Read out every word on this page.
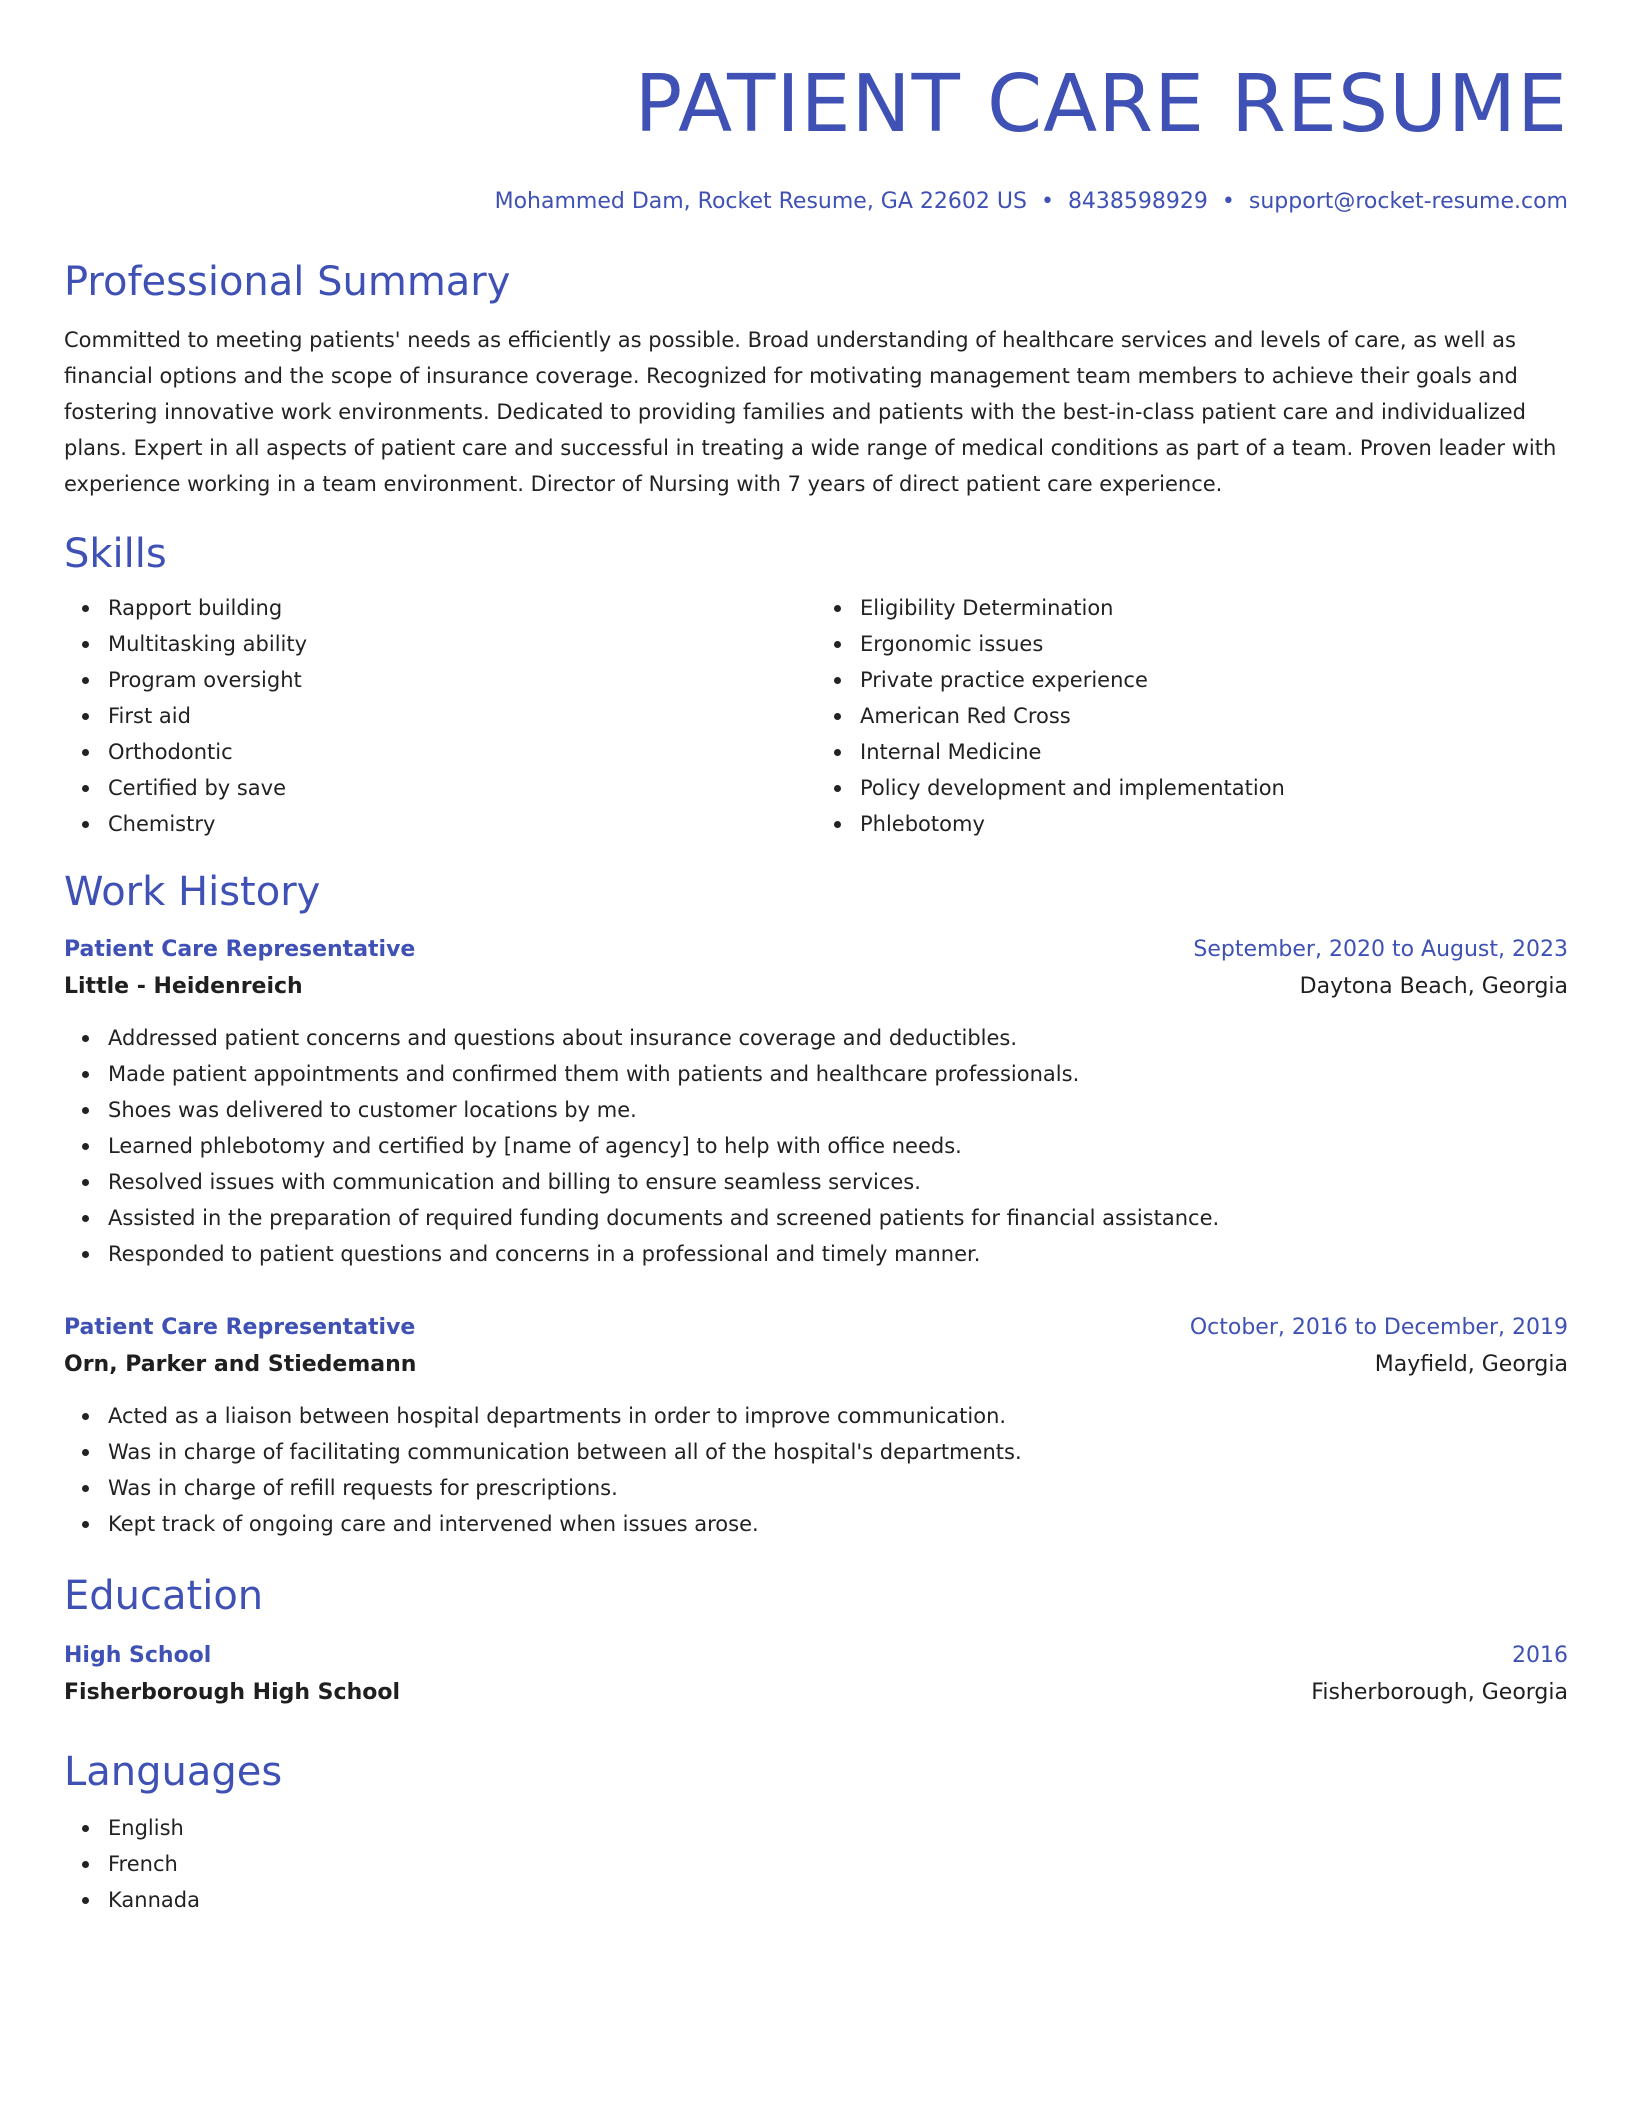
PATIENT CARE RESUME
Mohammed Dam, Rocket Resume, GA 22602 US • 8438598929 • support@rocket-resume.com
Professional Summary
Committed to meeting patients' needs as efficiently as possible. Broad understanding of healthcare services and levels of care, as well as financial options and the scope of insurance coverage. Recognized for motivating management team members to achieve their goals and fostering innovative work environments. Dedicated to providing families and patients with the best-in-class patient care and individualized plans. Expert in all aspects of patient care and successful in treating a wide range of medical conditions as part of a team. Proven leader with experience working in a team environment. Director of Nursing with 7 years of direct patient care experience.
Skills
Rapport building
Multitasking ability
Program oversight
First aid
Orthodontic
Certified by save
Chemistry
Eligibility Determination
Ergonomic issues
Private practice experience
American Red Cross
Internal Medicine
Policy development and implementation
Phlebotomy
Work History
Patient Care Representative	September, 2020 to August, 2023
Little - Heidenreich	Daytona Beach, Georgia
Addressed patient concerns and questions about insurance coverage and deductibles.
Made patient appointments and confirmed them with patients and healthcare professionals.
Shoes was delivered to customer locations by me.
Learned phlebotomy and certified by [name of agency] to help with office needs.
Resolved issues with communication and billing to ensure seamless services.
Assisted in the preparation of required funding documents and screened patients for financial assistance.
Responded to patient questions and concerns in a professional and timely manner.
Patient Care Representative	October, 2016 to December, 2019
Orn, Parker and Stiedemann	Mayfield, Georgia
Acted as a liaison between hospital departments in order to improve communication.
Was in charge of facilitating communication between all of the hospital's departments.
Was in charge of refill requests for prescriptions.
Kept track of ongoing care and intervened when issues arose.
Education
High School	2016
Fisherborough High School	Fisherborough, Georgia
Languages
English
French
Kannada
